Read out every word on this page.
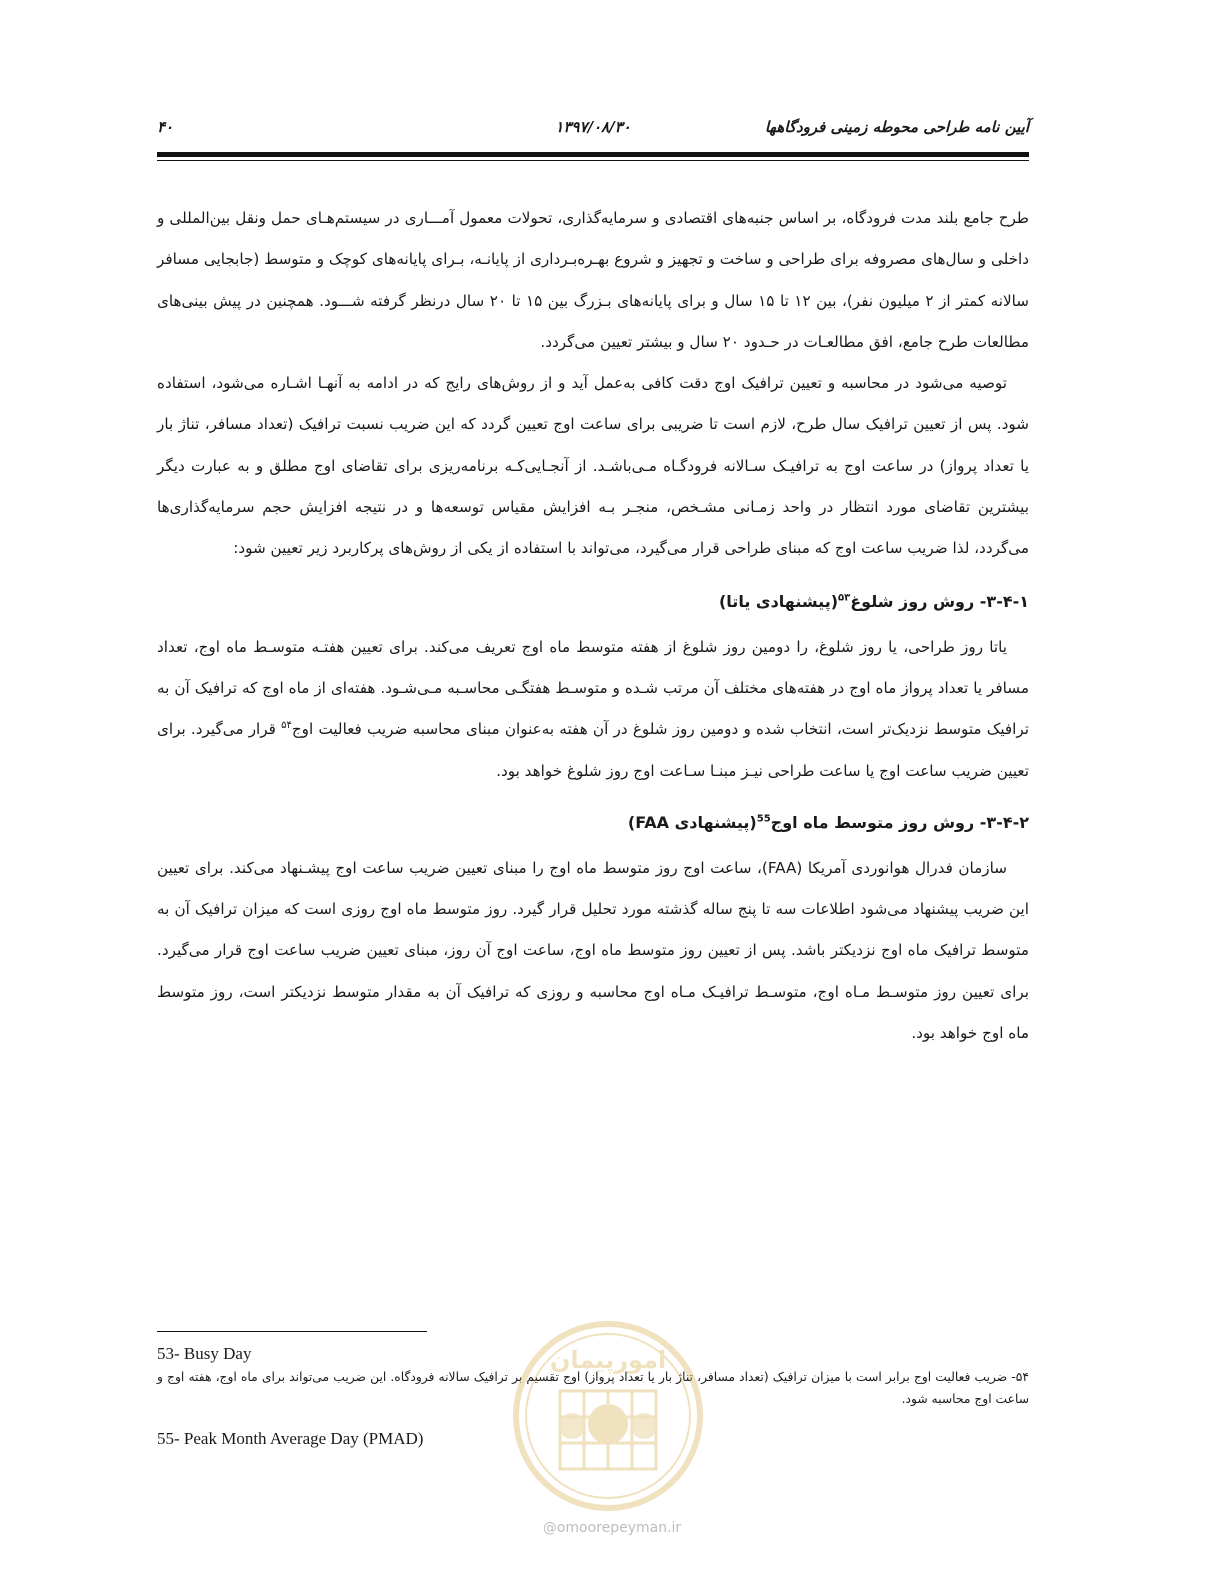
آیین نامه طراحی محوطه زمینی فرودگاهها
۱۳۹۷/۰۸/۳۰
۴۰

طرح جامع بلند مدت فرودگاه، بر اساس جنبه‌های اقتصادی و سرمایه‌گذاری، تحولات معمول آمـــاری در سیستم‌هـای حمل ونقل بین‌المللی و داخلی و سال‌های مصروفه برای طراحی و ساخت و تجهیز و شروع بهـره‌بـرداری از پایانـه، بـرای پایانه‌های کوچک و متوسط (جابجایی مسافر سالانه کمتر از ۲ میلیون نفر)، بین ۱۲ تا ۱۵ سال و برای پایانه‌های بـزرگ بین ۱۵ تا ۲۰ سال درنظر گرفته شـــود. همچنین در پیش بینی‌های مطالعات طرح جامع، افق مطالعـات در حـدود ۲۰ سال و بیشتر تعیین می‌گردد.

توصیه می‌شود در محاسبه و تعیین ترافیک اوج دقت کافی به‌عمل آید و از روش‌های رایج که در ادامه به آنهـا اشـاره می‌شود، استفاده شود. پس از تعیین ترافیک سال طرح، لازم است تا ضریبی برای ساعت اوج تعیین گردد که این ضریب نسبت ترافیک (تعداد مسافر، تناژ بار یا تعداد پرواز) در ساعت اوج به ترافیـک سـالانه فرودگـاه مـی‌باشـد. از آنجـایی‌کـه برنامه‌ریزی برای تقاضای اوج مطلق و به عبارت دیگر بیشترین تقاضای مورد انتظار در واحد زمـانی مشـخص، منجـر بـه افزایش مقیاس توسعه‌ها و در نتیجه افزایش حجم سرمایه‌گذاری‌ها می‌گردد، لذا ضریب ساعت اوج که مبنای طراحی قرار می‌گیرد، می‌تواند با استفاده از یکی از روش‌های پرکاربرد زیر تعیین شود:

۳-۴-۱- روش روز شلوغ$^{۵۳}$(پیشنهادی یاتا)

یاتا روز طراحی، یا روز شلوغ، را دومین روز شلوغ از هفته متوسط ماه اوج تعریف می‌کند. برای تعیین هفتـه متوسـط ماه اوج، تعداد مسافر یا تعداد پرواز ماه اوج در هفته‌های مختلف آن مرتب شـده و متوسـط هفتگـی محاسـبه مـی‌شـود. هفته‌ای از ماه اوج که ترافیک آن به ترافیک متوسط نزدیک‌تر است، انتخاب شده و دومین روز شلوغ در آن هفته به‌عنوان مبنای محاسبه ضریب فعالیت اوج$^{۵۴}$ قرار می‌گیرد. برای تعیین ضریب ساعت اوج یا ساعت طراحی نیـز مبنـا سـاعت اوج روز شلوغ خواهد بود.

۳-۴-۲- روش روز متوسط ماه اوج$^{55}$(پیشنهادی FAA)

سازمان فدرال هوانوردی آمریکا (FAA)، ساعت اوج روز متوسط ماه اوج را مبنای تعیین ضریب ساعت اوج پیشـنهاد می‌کند. برای تعیین این ضریب پیشنهاد می‌شود اطلاعات سه تا پنج ساله گذشته مورد تحلیل قرار گیرد. روز متوسط ماه اوج روزی است که میزان ترافیک آن به متوسط ترافیک ماه اوج نزدیکتر باشد. پس از تعیین روز متوسط ماه اوج، ساعت اوج آن روز، مبنای تعیین ضریب ساعت اوج قرار می‌گیرد. برای تعیین روز متوسـط مـاه اوج، متوسـط ترافیـک مـاه اوج محاسبه و روزی که ترافیک آن به مقدار متوسط نزدیکتر است، روز متوسط ماه اوج خواهد بود.

53- Busy Day

۵۴- ضریب فعالیت اوج برابر است با میزان ترافیک (تعداد مسافر، تناژ بار یا تعداد پرواز) اوج تقسیم بر ترافیک سالانه فرودگاه. این ضریب می‌تواند برای ماه اوج، هفته اوج و ساعت اوج محاسبه شود.

55- Peak Month Average Day (PMAD)
امورپیمان
@omoorepeyman.ir
